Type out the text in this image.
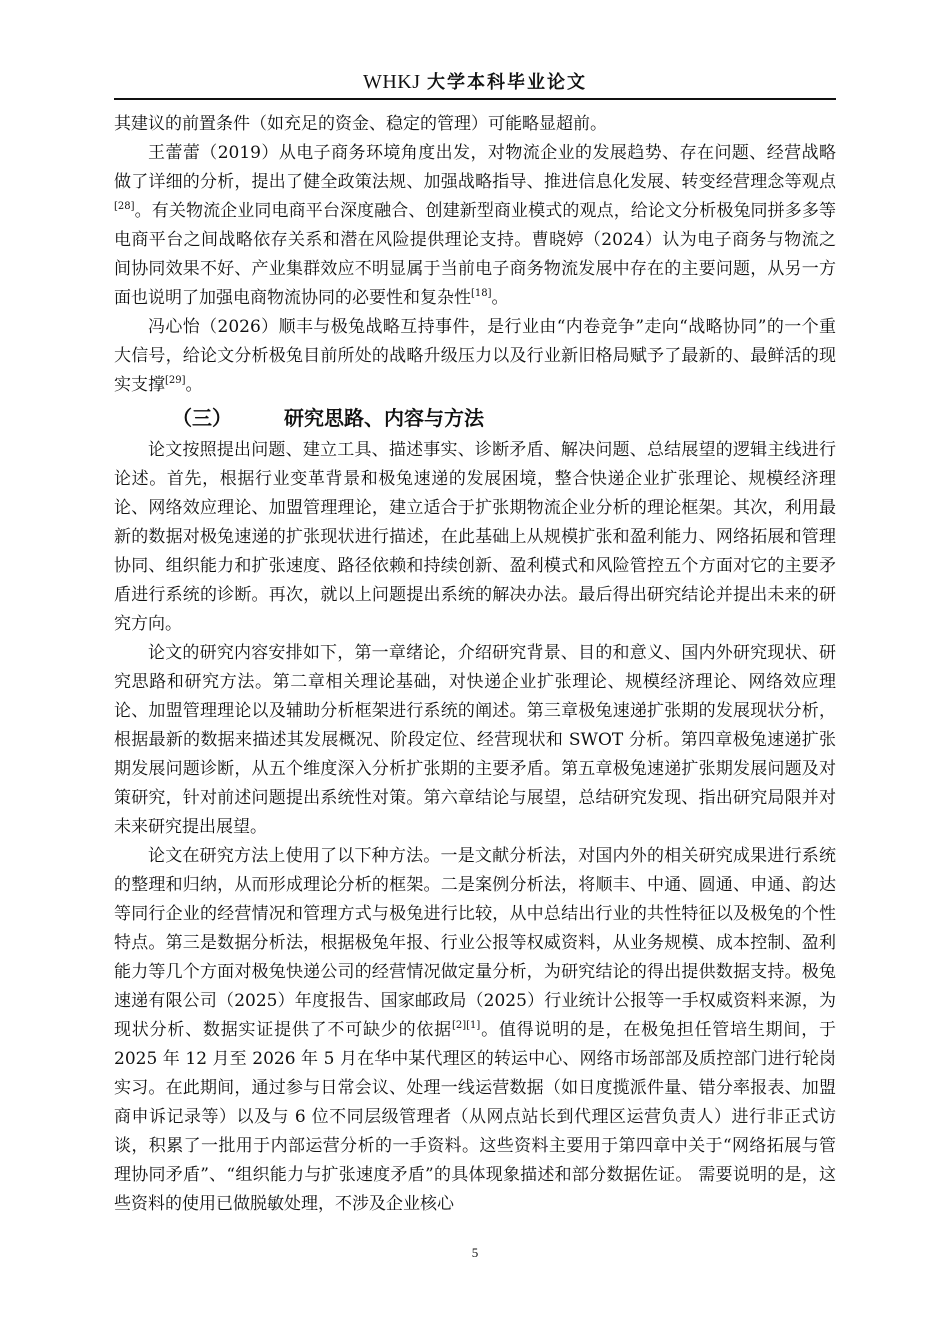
WHKJ 大学本科毕业论文

其建议的前置条件（如充足的资金、稳定的管理）可能略显超前。

王蕾蕾（2019）从电子商务环境角度出发，对物流企业的发展趋势、存在问题、经营战略做了详细的分析，提出了健全政策法规、加强战略指导、推进信息化发展、转变经营理念等观点[28]。有关物流企业同电商平台深度融合、创建新型商业模式的观点，给论文分析极兔同拼多多等电商平台之间战略依存关系和潜在风险提供理论支持。曹晓婷（2024）认为电子商务与物流之间协同效果不好、产业集群效应不明显属于当前电子商务物流发展中存在的主要问题，从另一方面也说明了加强电商物流协同的必要性和复杂性[18]。

冯心怡（2026）顺丰与极兔战略互持事件，是行业由“内卷竞争”走向“战略协同”的一个重大信号，给论文分析极兔目前所处的战略升级压力以及行业新旧格局赋予了最新的、最鲜活的现实支撑[29]。

（三）	研究思路、内容与方法

论文按照提出问题、建立工具、描述事实、诊断矛盾、解决问题、总结展望的逻辑主线进行论述。首先，根据行业变革背景和极兔速递的发展困境，整合快递企业扩张理论、规模经济理论、网络效应理论、加盟管理理论，建立适合于扩张期物流企业分析的理论框架。其次，利用最新的数据对极兔速递的扩张现状进行描述，在此基础上从规模扩张和盈利能力、网络拓展和管理协同、组织能力和扩张速度、路径依赖和持续创新、盈利模式和风险管控五个方面对它的主要矛盾进行系统的诊断。再次，就以上问题提出系统的解决办法。最后得出研究结论并提出未来的研究方向。

论文的研究内容安排如下，第一章绪论，介绍研究背景、目的和意义、国内外研究现状、研究思路和研究方法。第二章相关理论基础，对快递企业扩张理论、规模经济理论、网络效应理论、加盟管理理论以及辅助分析框架进行系统的阐述。第三章极兔速递扩张期的发展现状分析，根据最新的数据来描述其发展概况、阶段定位、经营现状和 SWOT 分析。第四章极兔速递扩张期发展问题诊断，从五个维度深入分析扩张期的主要矛盾。第五章极兔速递扩张期发展问题及对策研究，针对前述问题提出系统性对策。第六章结论与展望，总结研究发现、指出研究局限并对未来研究提出展望。

论文在研究方法上使用了以下种方法。一是文献分析法，对国内外的相关研究成果进行系统的整理和归纳，从而形成理论分析的框架。二是案例分析法，将顺丰、中通、圆通、申通、韵达等同行企业的经营情况和管理方式与极兔进行比较，从中总结出行业的共性特征以及极兔的个性特点。第三是数据分析法，根据极兔年报、行业公报等权威资料，从业务规模、成本控制、盈利能力等几个方面对极兔快递公司的经营情况做定量分析，为研究结论的得出提供数据支持。极兔速递有限公司（2025）年度报告、国家邮政局（2025）行业统计公报等一手权威资料来源，为现状分析、数据实证提供了不可缺少的依据[2][1]。值得说明的是，在极兔担任管培生期间，于 2025 年 12 月至 2026 年 5 月在华中某代理区的转运中心、网络市场部部及质控部门进行轮岗实习。在此期间，通过参与日常会议、处理一线运营数据（如日度揽派件量、错分率报表、加盟商申诉记录等）以及与 6 位不同层级管理者（从网点站长到代理区运营负责人）进行非正式访谈，积累了一批用于内部运营分析的一手资料。这些资料主要用于第四章中关于“网络拓展与管理协同矛盾”、“组织能力与扩张速度矛盾”的具体现象描述和部分数据佐证。 需要说明的是，这些资料的使用已做脱敏处理，不涉及企业核心

5
